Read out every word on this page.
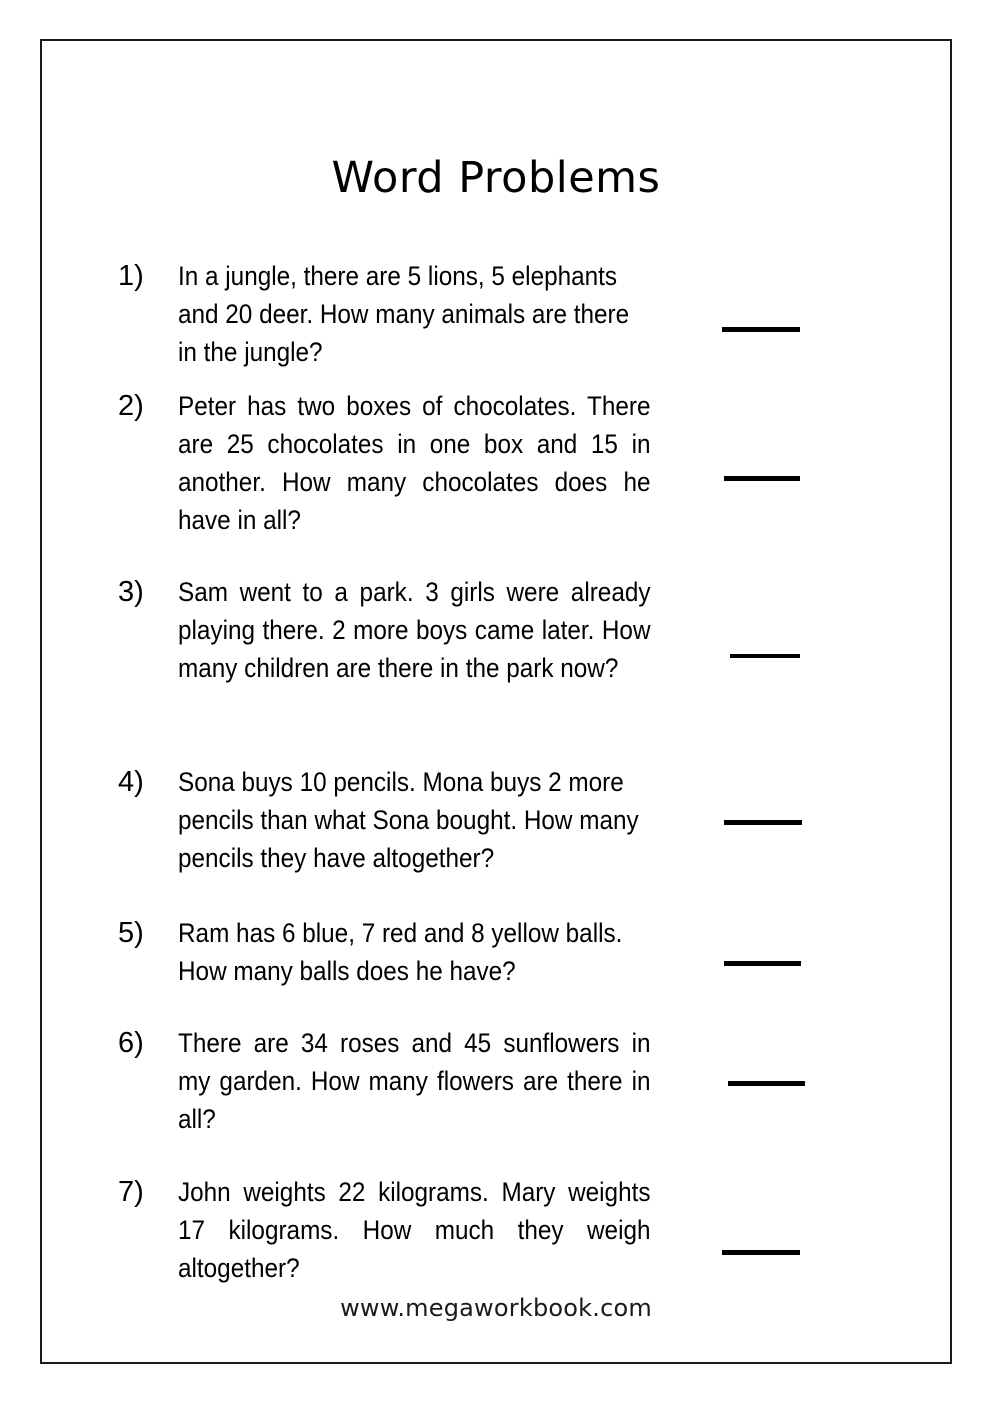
Word Problems
1)	In a jungle, there are 5 lions, 5 elephants and 20 deer. How many animals are there in the jungle?
2)	Peter has two boxes of chocolates. There are 25 chocolates in one box and 15 in another. How many chocolates does he have in all?
3)	Sam went to a park. 3 girls were already playing there. 2 more boys came later. How many children are there in the park now?
4)	Sona buys 10 pencils. Mona buys 2 more pencils than what Sona bought. How many pencils they have altogether?
5)	Ram has 6 blue, 7 red and 8 yellow balls. How many balls does he have?
6)	There are 34 roses and 45 sunflowers in my garden. How many flowers are there in all?
7)	John weights 22 kilograms. Mary weights 17 kilograms. How much they weigh altogether?
www.megaworkbook.com
